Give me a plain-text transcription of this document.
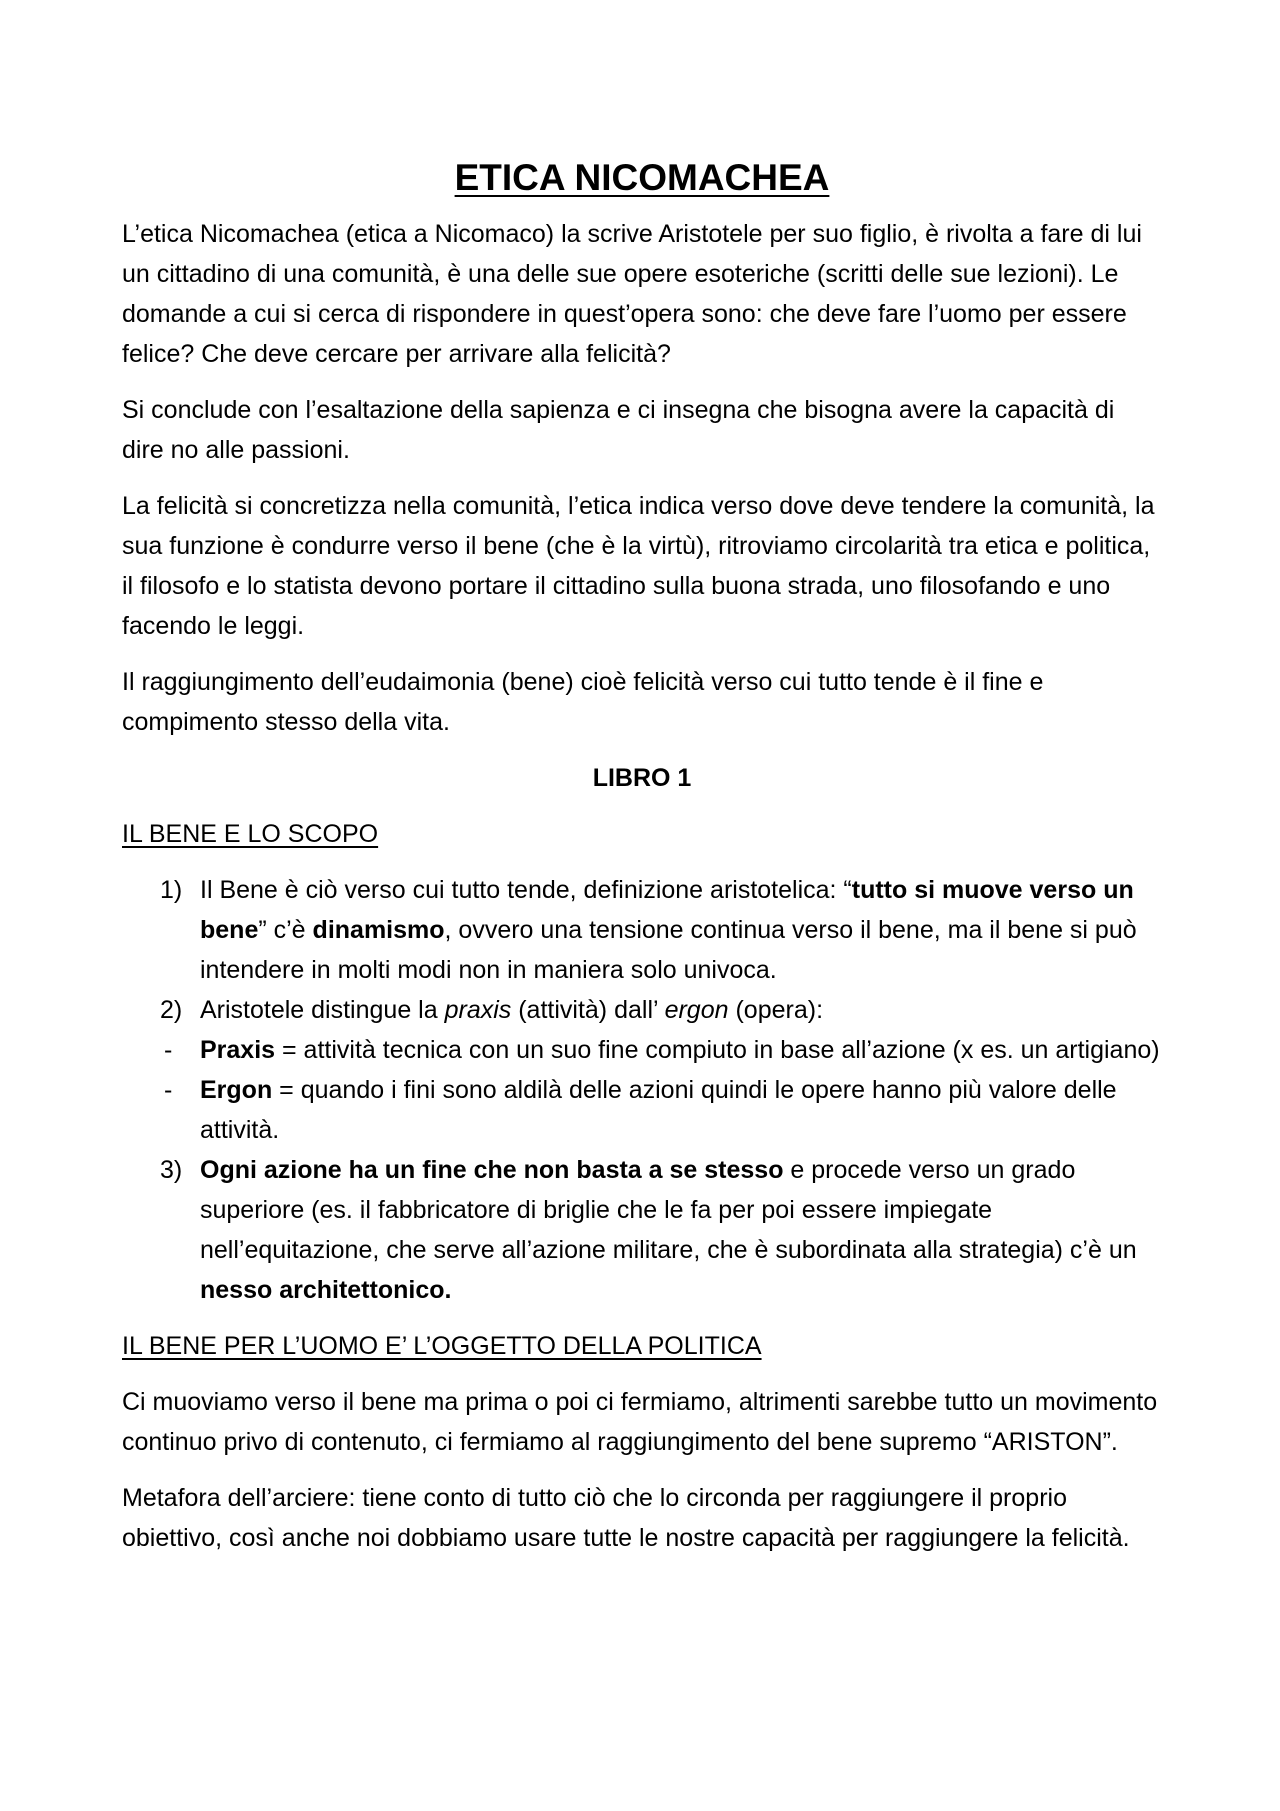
ETICA NICOMACHEA

L’etica Nicomachea (etica a Nicomaco) la scrive Aristotele per suo figlio, è rivolta a fare di lui un cittadino di una comunità, è una delle sue opere esoteriche (scritti delle sue lezioni). Le domande a cui si cerca di rispondere in quest’opera sono: che deve fare l’uomo per essere felice? Che deve cercare per arrivare alla felicità?

Si conclude con l’esaltazione della sapienza e ci insegna che bisogna avere la capacità di dire no alle passioni.

La felicità si concretizza nella comunità, l’etica indica verso dove deve tendere la comunità, la sua funzione è condurre verso il bene (che è la virtù), ritroviamo circolarità tra etica e politica, il filosofo e lo statista devono portare il cittadino sulla buona strada, uno filosofando e uno facendo le leggi.

Il raggiungimento dell’eudaimonia (bene) cioè felicità verso cui tutto tende è il fine e compimento stesso della vita.

LIBRO 1
IL BENE E LO SCOPO
1) Il Bene è ciò verso cui tutto tende, definizione aristotelica: “tutto si muove verso un bene” c’è dinamismo, ovvero una tensione continua verso il bene, ma il bene si può intendere in molti modi non in maniera solo univoca.
2) Aristotele distingue la praxis (attività) dall’ ergon (opera):
- Praxis = attività tecnica con un suo fine compiuto in base all’azione (x es. un artigiano)
- Ergon = quando i fini sono aldilà delle azioni quindi le opere hanno più valore delle attività.
3) Ogni azione ha un fine che non basta a se stesso e procede verso un grado superiore (es. il fabbricatore di briglie che le fa per poi essere impiegate nell’equitazione, che serve all’azione militare, che è subordinata alla strategia) c’è un nesso architettonico.
IL BENE PER L’UOMO E’ L’OGGETTO DELLA POLITICA

Ci muoviamo verso il bene ma prima o poi ci fermiamo, altrimenti sarebbe tutto un movimento continuo privo di contenuto, ci fermiamo al raggiungimento del bene supremo “ARISTON”.

Metafora dell’arciere: tiene conto di tutto ciò che lo circonda per raggiungere il proprio obiettivo, così anche noi dobbiamo usare tutte le nostre capacità per raggiungere la felicità.
